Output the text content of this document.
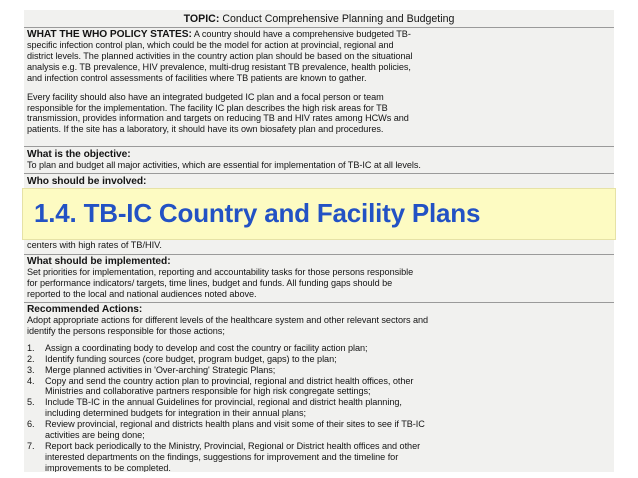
TOPIC: Conduct Comprehensive Planning and Budgeting
WHAT THE WHO POLICY STATES: A country should have a comprehensive budgeted TB-
specific infection control plan, which could be the model for action at provincial, regional and
district levels. The planned activities in the country action plan should be based on the situational
analysis e.g. TB prevalence, HIV prevalence, multi-drug resistant TB prevalence, health policies,
and infection control assessments of facilities where TB patients are known to gather.
Every facility should also have an integrated budgeted IC plan and a focal person or team
responsible for the implementation. The facility IC plan describes the high risk areas for TB
transmission, provides information and targets on reducing TB and HIV rates among HCWs and
patients. If the site has a laboratory, it should have its own biosafety plan and procedures.
What is the objective:
To plan and budget all major activities, which are essential for implementation of TB-IC at all levels.
Who should be involved:
centers with high rates of TB/HIV.
What should be implemented:
Set priorities for implementation, reporting and accountability tasks for those persons responsible
for performance indicators/ targets, time lines, budget and funds. All funding gaps should be
reported to the local and national audiences noted above.
Recommended Actions:
Adopt appropriate actions for different levels of the healthcare system and other relevant sectors and
identify the persons responsible for those actions;
1. Assign a coordinating body to develop and cost the country or facility action plan;
2. Identify funding sources (core budget, program budget, gaps) to the plan;
3. Merge planned activities in 'Over-arching' Strategic Plans;
4. Copy and send the country action plan to provincial, regional and district health offices, other
Ministries and collaborative partners responsible for high risk congregate settings;
5. Include TB-IC in the annual Guidelines for provincial, regional and district health planning,
including determined budgets for integration in their annual plans;
6. Review provincial, regional and districts health plans and visit some of their sites to see if TB-IC
activities are being done;
7. Report back periodically to the Ministry, Provincial, Regional or District health offices and other
interested departments on the findings, suggestions for improvement and the timeline for
improvements to be completed.
1.4. TB-IC Country and Facility Plans
